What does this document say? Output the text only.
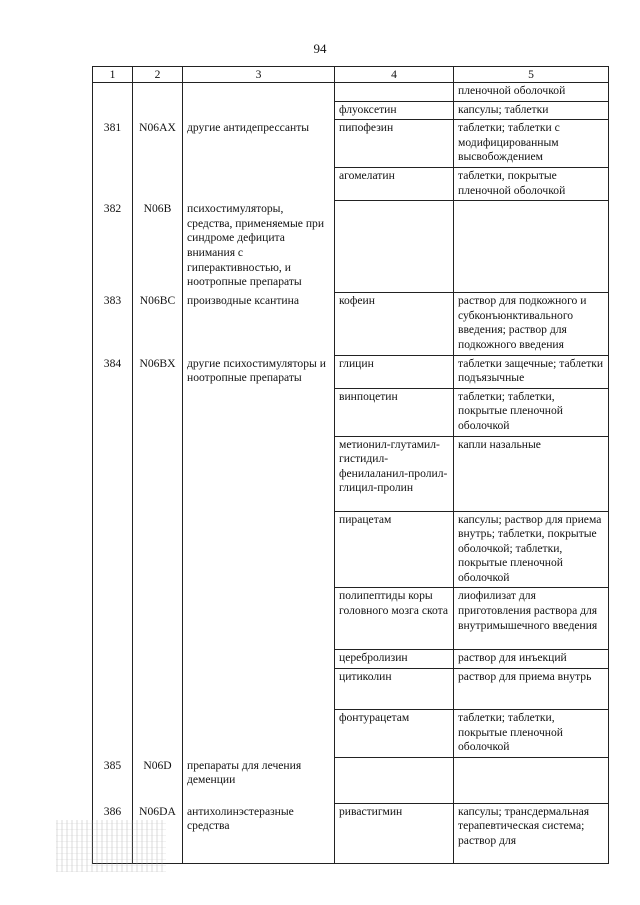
94
1	2	3	4	5
				пленочной оболочкой
			флуоксетин	капсулы; таблетки
381	N06AX	другие антидепрессанты	пипофезин	таблетки; таблетки с модифицированным высвобождением
			агомелатин	таблетки, покрытые пленочной оболочкой
382	N06B	психостимуляторы, средства, применяемые при синдроме дефицита внимания с гиперактивностью, и ноотропные препараты		
383	N06BC	производные ксантина	кофеин	раствор для подкожного и субконъюнктивального введения; раствор для подкожного введения
384	N06BX	другие психостимуляторы и ноотропные препараты	глицин	таблетки защечные; таблетки подъязычные
			винпоцетин	таблетки; таблетки, покрытые пленочной оболочкой
			метионил-глутамил-гистидил-фенилаланил-пролил-глицил-пролин	капли назальные
			пирацетам	капсулы; раствор для приема внутрь; таблетки, покрытые оболочкой; таблетки, покрытые пленочной оболочкой
			полипептиды коры головного мозга скота	лиофилизат для приготовления раствора для внутримышечного введения
			церебролизин	раствор для инъекций
			цитиколин	раствор для приема внутрь
			фонтурацетам	таблетки; таблетки, покрытые пленочной оболочкой
385	N06D	препараты для лечения деменции		
386	N06DA	антихолинэстеразные средства	ривастигмин	капсулы; трансдермальная терапевтическая система; раствор для
